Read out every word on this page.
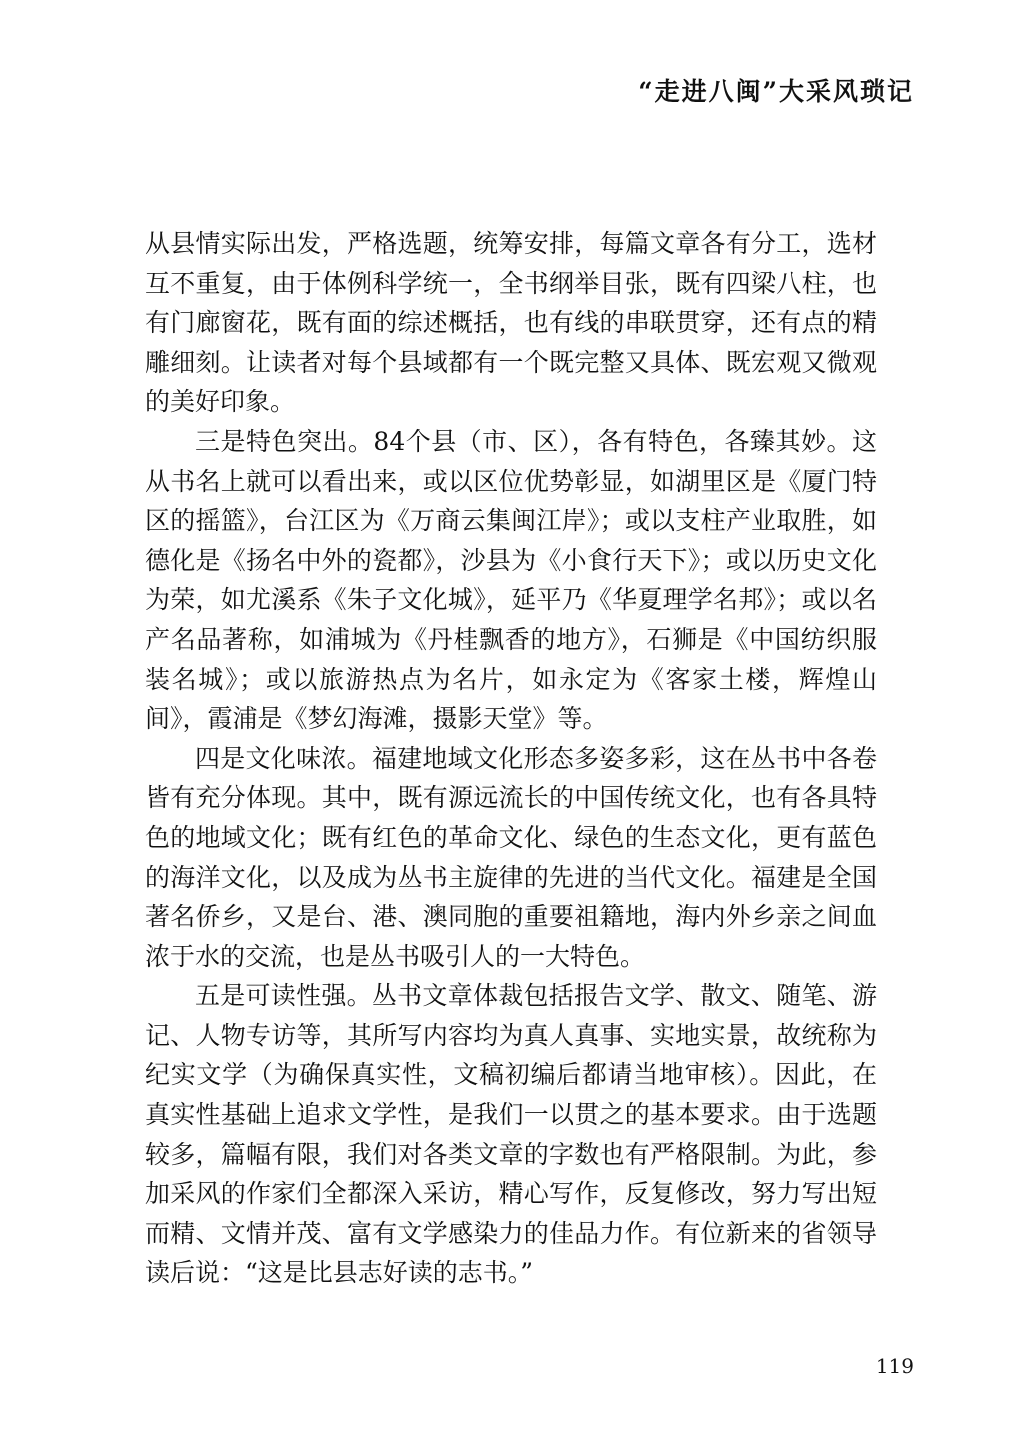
“走进八闽”大采风琐记

从县情实际出发，严格选题，统筹安排，每篇文章各有分工，选材互不重复，由于体例科学统一，全书纲举目张，既有四梁八柱，也有门廊窗花，既有面的综述概括，也有线的串联贯穿，还有点的精雕细刻。让读者对每个县域都有一个既完整又具体、既宏观又微观的美好印象。

三是特色突出。84个县（市、区），各有特色，各臻其妙。这从书名上就可以看出来，或以区位优势彰显，如湖里区是《厦门特区的摇篮》，台江区为《万商云集闽江岸》；或以支柱产业取胜，如德化是《扬名中外的瓷都》，沙县为《小食行天下》；或以历史文化为荣，如尤溪系《朱子文化城》，延平乃《华夏理学名邦》；或以名产名品著称，如浦城为《丹桂飘香的地方》，石狮是《中国纺织服装名城》；或以旅游热点为名片，如永定为《客家土楼，辉煌山间》，霞浦是《梦幻海滩，摄影天堂》等。

四是文化味浓。福建地域文化形态多姿多彩，这在丛书中各卷皆有充分体现。其中，既有源远流长的中国传统文化，也有各具特色的地域文化；既有红色的革命文化、绿色的生态文化，更有蓝色的海洋文化，以及成为丛书主旋律的先进的当代文化。福建是全国著名侨乡，又是台、港、澳同胞的重要祖籍地，海内外乡亲之间血浓于水的交流，也是丛书吸引人的一大特色。

五是可读性强。丛书文章体裁包括报告文学、散文、随笔、游记、人物专访等，其所写内容均为真人真事、实地实景，故统称为纪实文学（为确保真实性，文稿初编后都请当地审核）。因此，在真实性基础上追求文学性，是我们一以贯之的基本要求。由于选题较多，篇幅有限，我们对各类文章的字数也有严格限制。为此，参加采风的作家们全都深入采访，精心写作，反复修改，努力写出短而精、文情并茂、富有文学感染力的佳品力作。有位新来的省领导读后说：“这是比县志好读的志书。”

119
